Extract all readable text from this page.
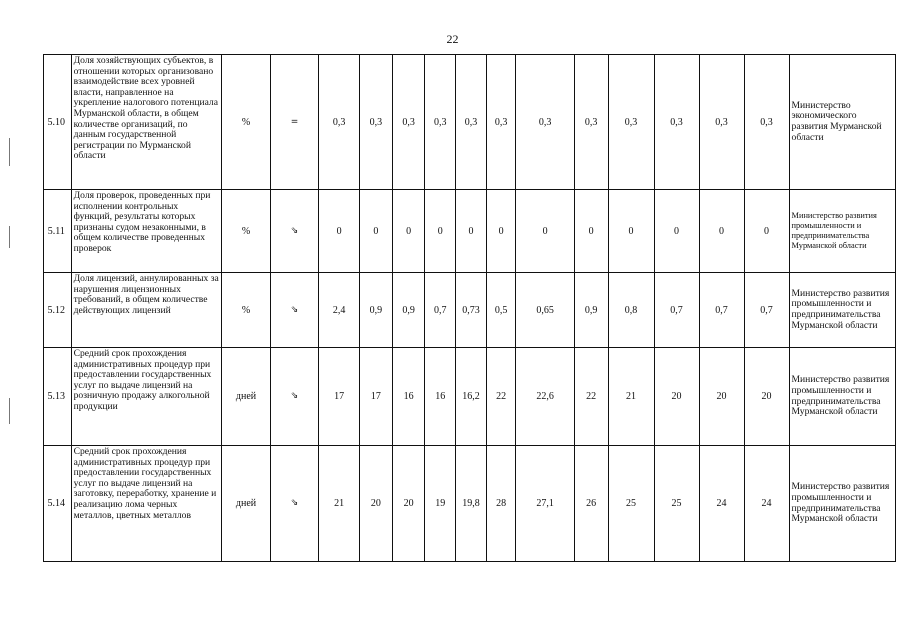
22
5.10	Доля хозяйствующих субъектов, в отношении которых организовано взаимодействие всех уровней власти, направленное на укрепление налогового потенциала Мурманской области, в общем количестве организаций, по данным государственной регистрации по Мурманской области	%	=	0,3	0,3	0,3	0,3	0,3	0,3	0,3	0,3	0,3	0,3	0,3	0,3	Министерство экономического развития Мурманской области
5.11	Доля проверок, проведенных при исполнении контрольных функций, результаты которых признаны судом незаконными, в общем количестве проведенных проверок	%	⇘	0	0	0	0	0	0	0	0	0	0	0	0	Министерство развития промышленности и предпринимательства Мурманской области
5.12	Доля лицензий, аннулированных за нарушения лицензионных требований, в общем количестве действующих лицензий	%	⇘	2,4	0,9	0,9	0,7	0,73	0,5	0,65	0,9	0,8	0,7	0,7	0,7	Министерство развития промышленности и предпринимательства Мурманской области
5.13	Средний срок прохождения административных процедур при предоставлении государственных услуг по выдаче лицензий на розничную продажу алкогольной продукции	дней	⇘	17	17	16	16	16,2	22	22,6	22	21	20	20	20	Министерство развития промышленности и предпринимательства Мурманской области
5.14	Средний срок прохождения административных процедур при предоставлении государственных услуг по выдаче лицензий на заготовку, переработку, хранение и реализацию лома черных металлов, цветных металлов	дней	⇘	21	20	20	19	19,8	28	27,1	26	25	25	24	24	Министерство развития промышленности и предпринимательства Мурманской области
